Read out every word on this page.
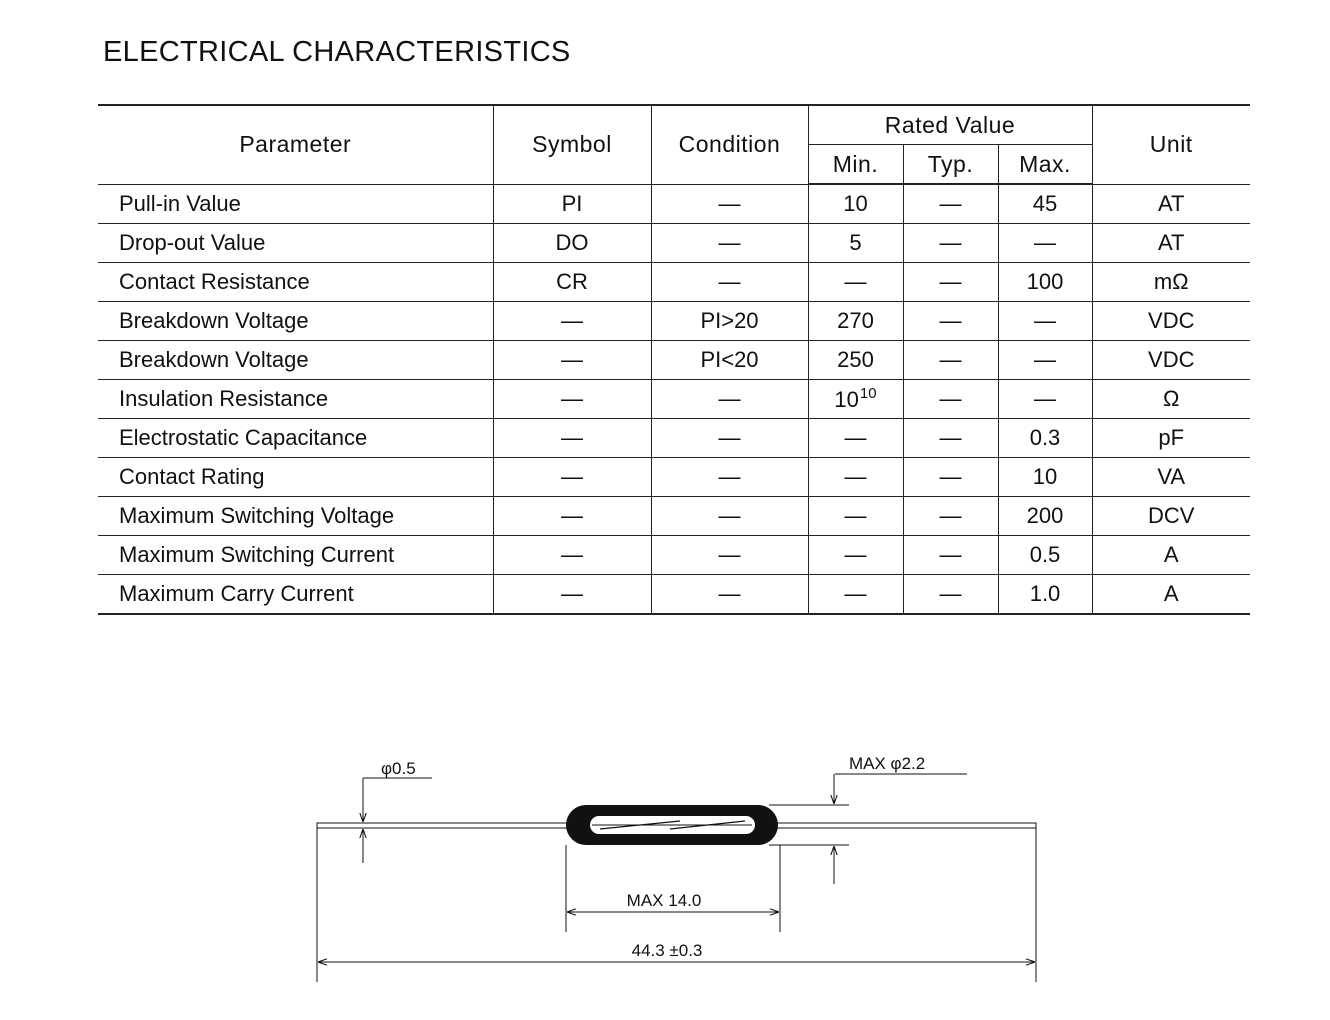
ELECTRICAL CHARACTERISTICS
Parameter	Symbol	Condition	Rated Value			Unit
			Min.	Typ.	Max.	
Pull-in Value	PI	—	10	—	45	AT
Drop-out Value	DO	—	5	—	—	AT
Contact Resistance	CR	—	—	—	100	mΩ
Breakdown Voltage	—	PI>20	270	—	—	VDC
Breakdown Voltage	—	PI<20	250	—	—	VDC
Insulation Resistance	—	—	$10^{10}$	—	—	Ω
Electrostatic Capacitance	—	—	—	—	0.3	pF
Contact Rating	—	—	—	—	10	VA
Maximum Switching Voltage	—	—	—	—	200	DCV
Maximum Switching Current	—	—	—	—	0.5	A
Maximum Carry Current	—	—	—	—	1.0	A
φ0.5	MAX φ2.2
MAX 14.0
44.3 ±0.3
